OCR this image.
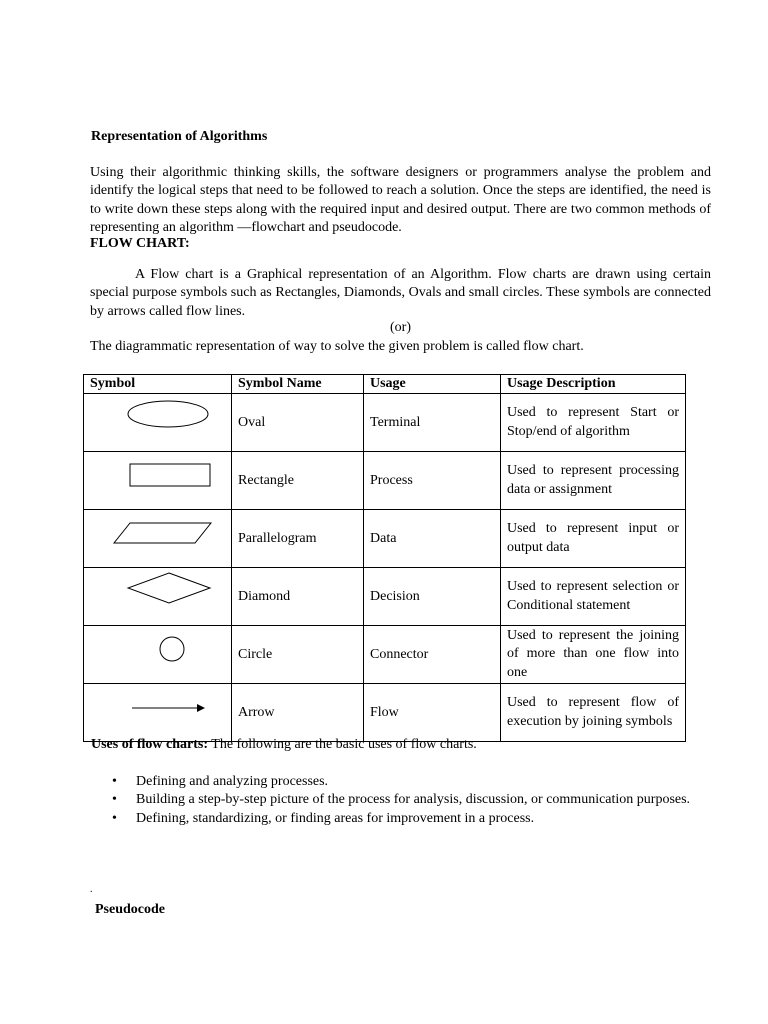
Representation of Algorithms
Using their algorithmic thinking skills, the software designers or programmers analyse the problem and identify the logical steps that need to be followed to reach a solution. Once the steps are identified, the need is to write down these steps along with the required input and desired output. There are two common methods of representing an algorithm —flowchart and pseudocode.
FLOW CHART:
A Flow chart is a Graphical representation of an Algorithm. Flow charts are drawn using certain special purpose symbols such as Rectangles, Diamonds, Ovals and small circles. These symbols are connected by arrows called flow lines.
(or)
The diagrammatic representation of way to solve the given problem is called flow chart.
Symbol	Symbol Name	Usage	Usage Description
	Oval	Terminal	Used to represent Start or Stop/end of algorithm
	Rectangle	Process	Used to represent processing data or assignment
	Parallelogram	Data	Used to represent input or output data
	Diamond	Decision	Used to represent selection or Conditional statement
	Circle	Connector	Used to represent the joining of more than one flow into one
	Arrow	Flow	Used to represent flow of execution by joining symbols
Uses of flow charts: The following are the basic uses of flow charts.
• Defining and analyzing processes.
• Building a step-by-step picture of the process for analysis, discussion, or communication purposes.
• Defining, standardizing, or finding areas for improvement in a process.
.
Pseudocode
